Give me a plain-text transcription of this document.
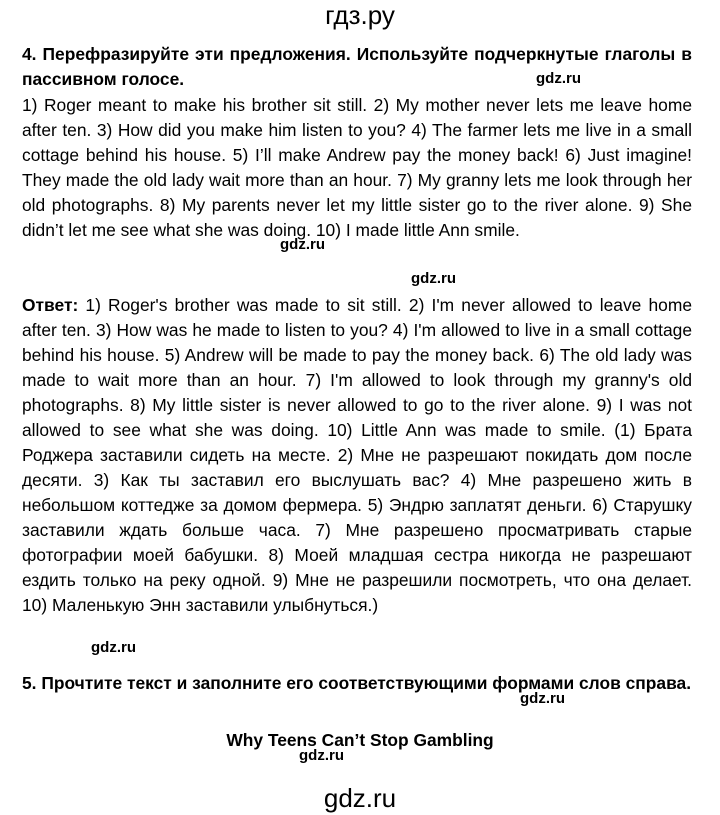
гдз.ру

4. Перефразируйте эти предложения. Используйте подчеркнутые глаголы в пассивном голосе.	gdz.ru

1) Roger meant to make his brother sit still. 2) My mother never lets me leave home after ten. 3) How did you make him listen to you? 4) The farmer lets me live in a small cottage behind his house. 5) I’ll make Andrew pay the money back! 6) Just imagine! They made the old lady wait more than an hour. 7) My granny lets me look through her old photographs. 8) My parents never let my little sister go to the river alone. 9) She didn’t let me see what she was doing. 10) I made little Ann smile.

gdz.ru
gdz.ru

Ответ: 1) Roger's brother was made to sit still. 2) I'm never allowed to leave home after ten. 3) How was he made to listen to you? 4) I'm allowed to live in a small cottage behind his house. 5) Andrew will be made to pay the money back. 6) The old lady was made to wait more than an hour. 7) I'm allowed to look through my granny's old photographs. 8) My little sister is never allowed to go to the river alone. 9) I was not allowed to see what she was doing. 10) Little Ann was made to smile. (1) Брата Роджера заставили сидеть на месте. 2) Мне не разрешают покидать дом после десяти. 3) Как ты заставил его выслушать вас? 4) Мне разрешено жить в небольшом коттедже за домом фермера. 5) Эндрю заплатят деньги. 6) Старушку заставили ждать больше часа. 7) Мне разрешено просматривать старые фотографии моей бабушки. 8) Моей младшая сестра никогда не разрешают ездить только на реку одной. 9) Мне не разрешили посмотреть, что она делает. 10) Маленькую Энн заставили улыбнуться.)

gdz.ru

5. Прочтите текст и заполните его соответствующими формами слов справа.

gdz.ru
Why Teens Can’t Stop Gambling
gdz.ru
gdz.ru
